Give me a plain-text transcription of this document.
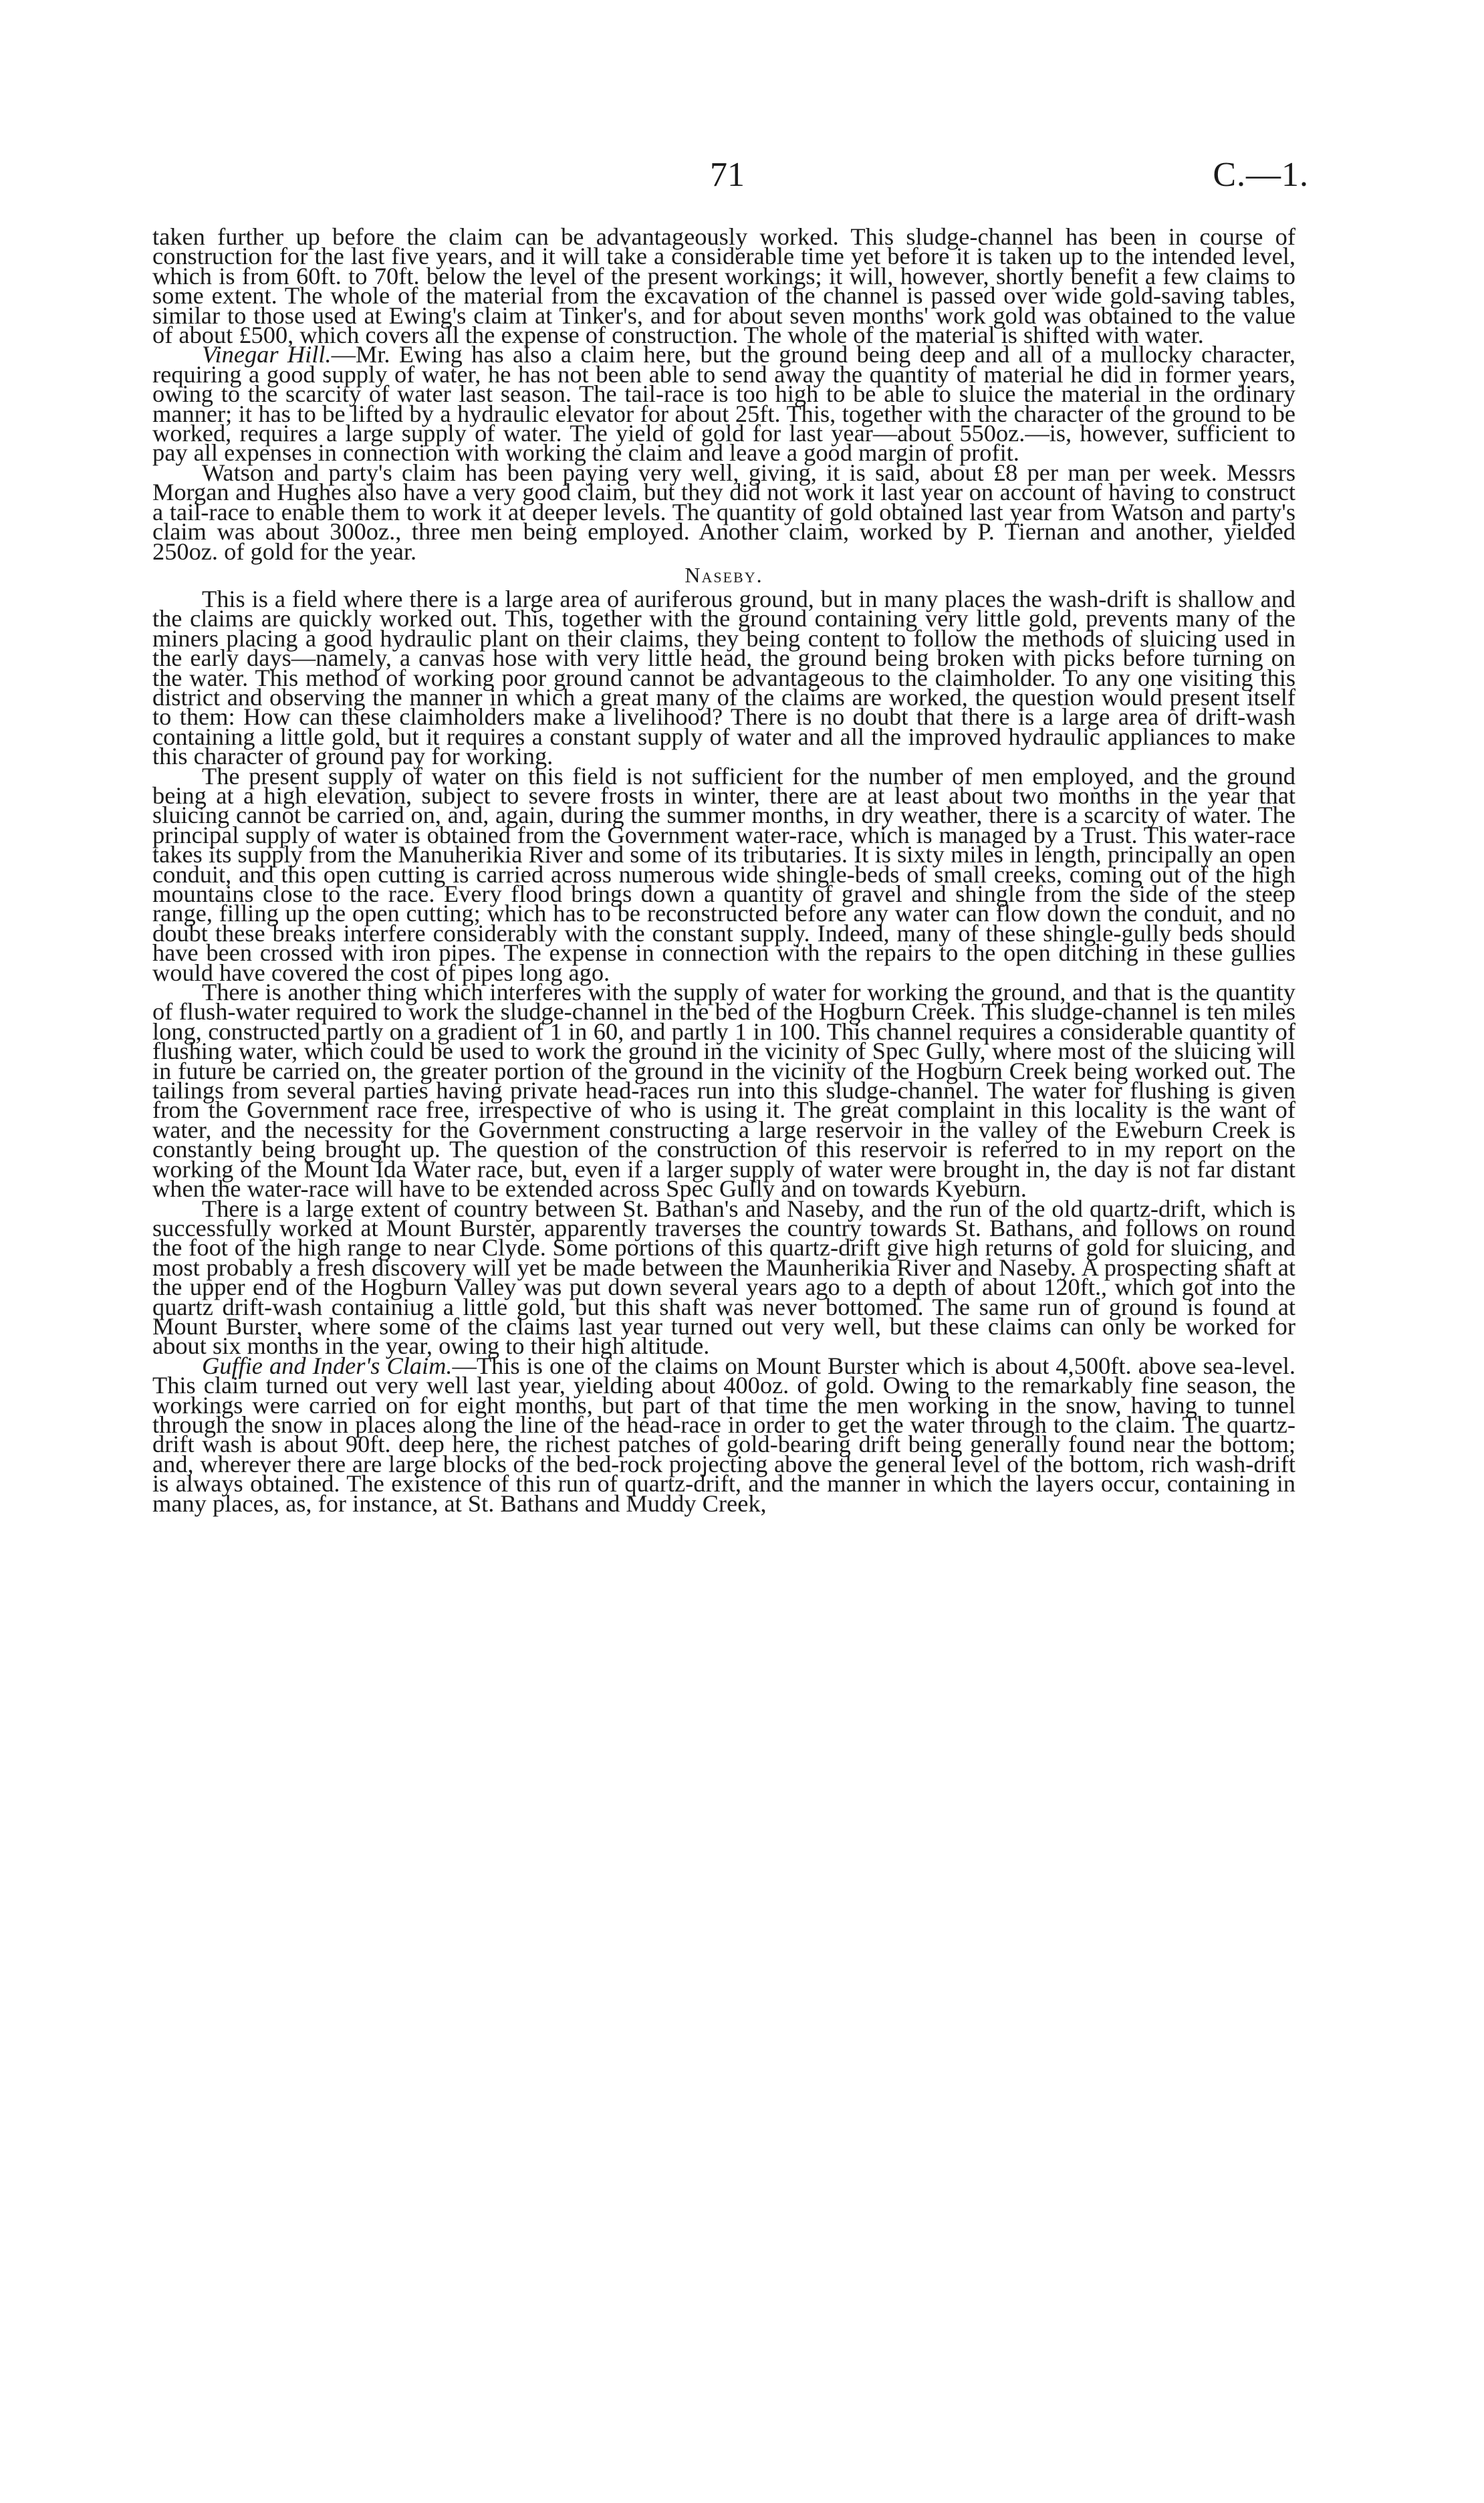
71	C.—1.

taken further up before the claim can be advantageously worked. This sludge-channel has been in course of construction for the last five years, and it will take a considerable time yet before it is taken up to the intended level, which is from 60ft. to 70ft. below the level of the present workings; it will, however, shortly benefit a few claims to some extent. The whole of the material from the excavation of the channel is passed over wide gold-saving tables, similar to those used at Ewing's claim at Tinker's, and for about seven months' work gold was obtained to the value of about £500, which covers all the expense of construction. The whole of the material is shifted with water.

Vinegar Hill.—Mr. Ewing has also a claim here, but the ground being deep and all of a mullocky character, requiring a good supply of water, he has not been able to send away the quantity of material he did in former years, owing to the scarcity of water last season. The tail-race is too high to be able to sluice the material in the ordinary manner; it has to be lifted by a hydraulic elevator for about 25ft. This, together with the character of the ground to be worked, requires a large supply of water. The yield of gold for last year—about 550oz.—is, however, sufficient to pay all expenses in connection with working the claim and leave a good margin of profit.

Watson and party's claim has been paying very well, giving, it is said, about £8 per man per week. Messrs Morgan and Hughes also have a very good claim, but they did not work it last year on account of having to construct a tail-race to enable them to work it at deeper levels. The quantity of gold obtained last year from Watson and party's claim was about 300oz., three men being employed. Another claim, worked by P. Tiernan and another, yielded 250oz. of gold for the year.

Naseby.

This is a field where there is a large area of auriferous ground, but in many places the wash-drift is shallow and the claims are quickly worked out. This, together with the ground containing very little gold, prevents many of the miners placing a good hydraulic plant on their claims, they being content to follow the methods of sluicing used in the early days—namely, a canvas hose with very little head, the ground being broken with picks before turning on the water. This method of working poor ground cannot be advantageous to the claimholder. To any one visiting this district and observing the manner in which a great many of the claims are worked, the question would present itself to them: How can these claimholders make a livelihood? There is no doubt that there is a large area of drift-wash containing a little gold, but it requires a constant supply of water and all the improved hydraulic appliances to make this character of ground pay for working.

The present supply of water on this field is not sufficient for the number of men employed, and the ground being at a high elevation, subject to severe frosts in winter, there are at least about two months in the year that sluicing cannot be carried on, and, again, during the summer months, in dry weather, there is a scarcity of water. The principal supply of water is obtained from the Government water-race, which is managed by a Trust. This water-race takes its supply from the Manuherikia River and some of its tributaries. It is sixty miles in length, principally an open conduit, and this open cutting is carried across numerous wide shingle-beds of small creeks, coming out of the high mountains close to the race. Every flood brings down a quantity of gravel and shingle from the side of the steep range, filling up the open cutting; which has to be reconstructed before any water can flow down the conduit, and no doubt these breaks interfere considerably with the constant supply. Indeed, many of these shingle-gully beds should have been crossed with iron pipes. The expense in connection with the repairs to the open ditching in these gullies would have covered the cost of pipes long ago.

There is another thing which interferes with the supply of water for working the ground, and that is the quantity of flush-water required to work the sludge-channel in the bed of the Hogburn Creek. This sludge-channel is ten miles long, constructed partly on a gradient of 1 in 60, and partly 1 in 100. This channel requires a considerable quantity of flushing water, which could be used to work the ground in the vicinity of Spec Gully, where most of the sluicing will in future be carried on, the greater portion of the ground in the vicinity of the Hogburn Creek being worked out. The tailings from several parties having private head-races run into this sludge-channel. The water for flushing is given from the Government race free, irrespective of who is using it. The great complaint in this locality is the want of water, and the necessity for the Government constructing a large reservoir in the valley of the Eweburn Creek is constantly being brought up. The question of the construction of this reservoir is referred to in my report on the working of the Mount Ida Water race, but, even if a larger supply of water were brought in, the day is not far distant when the water-race will have to be extended across Spec Gully and on towards Kyeburn.

There is a large extent of country between St. Bathan's and Naseby, and the run of the old quartz-drift, which is successfully worked at Mount Burster, apparently traverses the country towards St. Bathans, and follows on round the foot of the high range to near Clyde. Some portions of this quartz-drift give high returns of gold for sluicing, and most probably a fresh discovery will yet be made between the Maunherikia River and Naseby. A prospecting shaft at the upper end of the Hogburn Valley was put down several years ago to a depth of about 120ft., which got into the quartz drift-wash containiug a little gold, but this shaft was never bottomed. The same run of ground is found at Mount Burster, where some of the claims last year turned out very well, but these claims can only be worked for about six months in the year, owing to their high altitude.

Guffie and Inder's Claim.—This is one of the claims on Mount Burster which is about 4,500ft. above sea-level. This claim turned out very well last year, yielding about 400oz. of gold. Owing to the remarkably fine season, the workings were carried on for eight months, but part of that time the men working in the snow, having to tunnel through the snow in places along the line of the head-race in order to get the water through to the claim. The quartz-drift wash is about 90ft. deep here, the richest patches of gold-bearing drift being generally found near the bottom; and, wherever there are large blocks of the bed-rock projecting above the general level of the bottom, rich wash-drift is always obtained. The existence of this run of quartz-drift, and the manner in which the layers occur, containing in many places, as, for instance, at St. Bathans and Muddy Creek,
